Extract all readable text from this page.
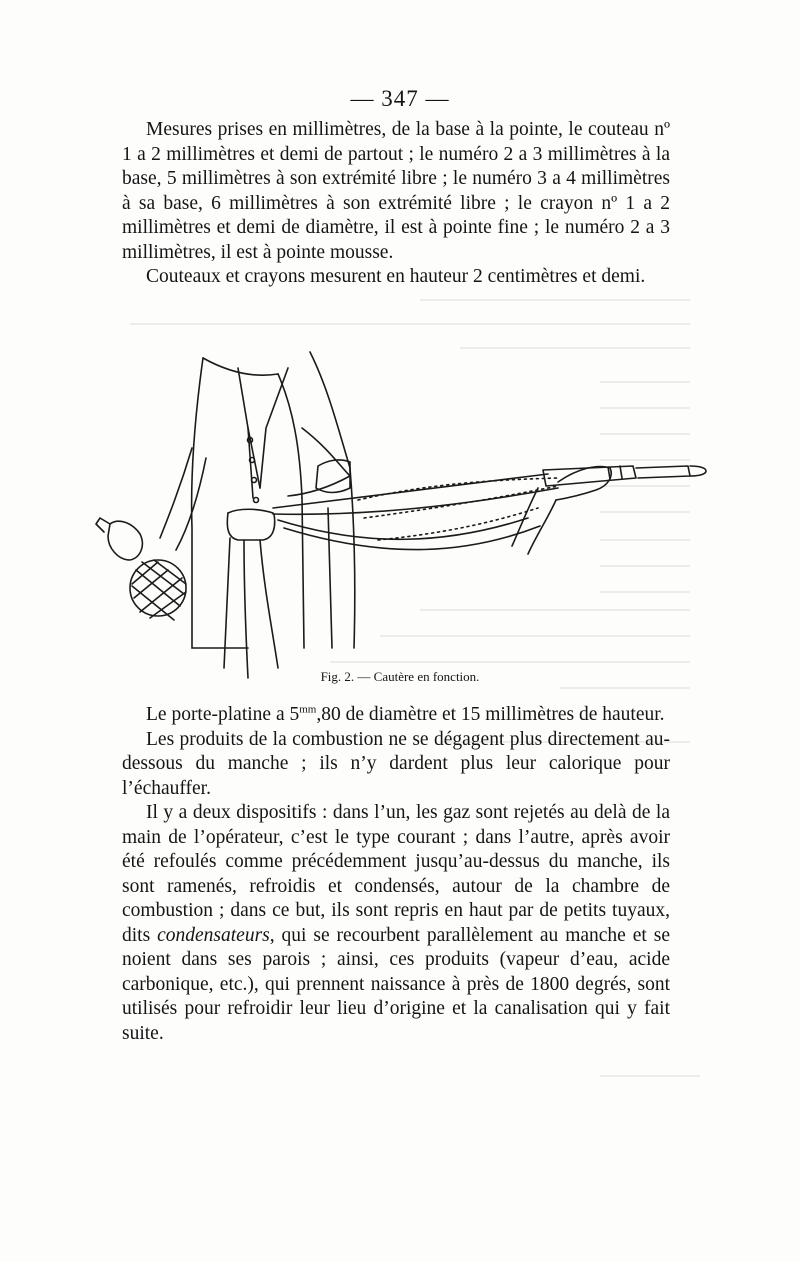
— 347 —

Mesures prises en millimètres, de la base à la pointe, le couteau nº 1 a 2 millimètres et demi de partout ; le numéro 2 a 3 millimètres à la base, 5 millimètres à son extrémité libre ; le numéro 3 a 4 millimètres à sa base, 6 millimètres à son extrémité libre ; le crayon nº 1 a 2 millimètres et demi de diamètre, il est à pointe fine ; le numéro 2 a 3 millimètres, il est à pointe mousse.

Couteaux et crayons mesurent en hauteur 2 centimètres et demi.

Fig. 2. — Cautère en fonction.

Le porte-platine a $5^{mm},80$ de diamètre et 15 millimètres de hauteur.

Les produits de la combustion ne se dégagent plus directement au-dessous du manche ; ils n’y dardent plus leur calorique pour l’échauffer.

Il y a deux dispositifs : dans l’un, les gaz sont rejetés au delà de la main de l’opérateur, c’est le type courant ; dans l’autre, après avoir été refoulés comme précédemment jusqu’au-dessus du manche, ils sont ramenés, refroidis et condensés, autour de la chambre de combustion ; dans ce but, ils sont repris en haut par de petits tuyaux, dits condensateurs, qui se recourbent parallèlement au manche et se noient dans ses parois ; ainsi, ces produits (vapeur d’eau, acide carbonique, etc.), qui prennent naissance à près de 1800 degrés, sont utilisés pour refroidir leur lieu d’origine et la canalisation qui y fait suite.
